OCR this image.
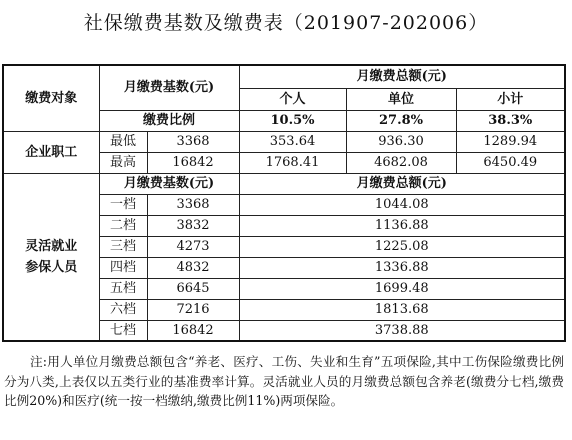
社保缴费基数及缴费表（201907-202006）
缴费对象	月缴费基数(元)		月缴费总额(元)		
			个人	单位	小计
	缴费比例		10.5%	27.8%	38.3%
企业职工	最低	3368	353.64	936.30	1289.94
	最高	16842	1768.41	4682.08	6450.49

灵活就业
参保人员	月缴费基数(元)		月缴费总额(元)		
	一档	3368	1044.08		
	二档	3832	1136.88		
	三档	4273	1225.08		
	四档	4832	1336.88		
	五档	6645	1699.48		
	六档	7216	1813.68		
	七档	16842	3738.88		
注:用人单位月缴费总额包含“养老、医疗、工伤、失业和生育”五项保险,其中工伤保险缴费比例分为八类,上表仅以五类行业的基准费率计算。灵活就业人员的月缴费总额包含养老(缴费分七档,缴费比例20%)和医疗(统一按一档缴纳,缴费比例11%)两项保险。
